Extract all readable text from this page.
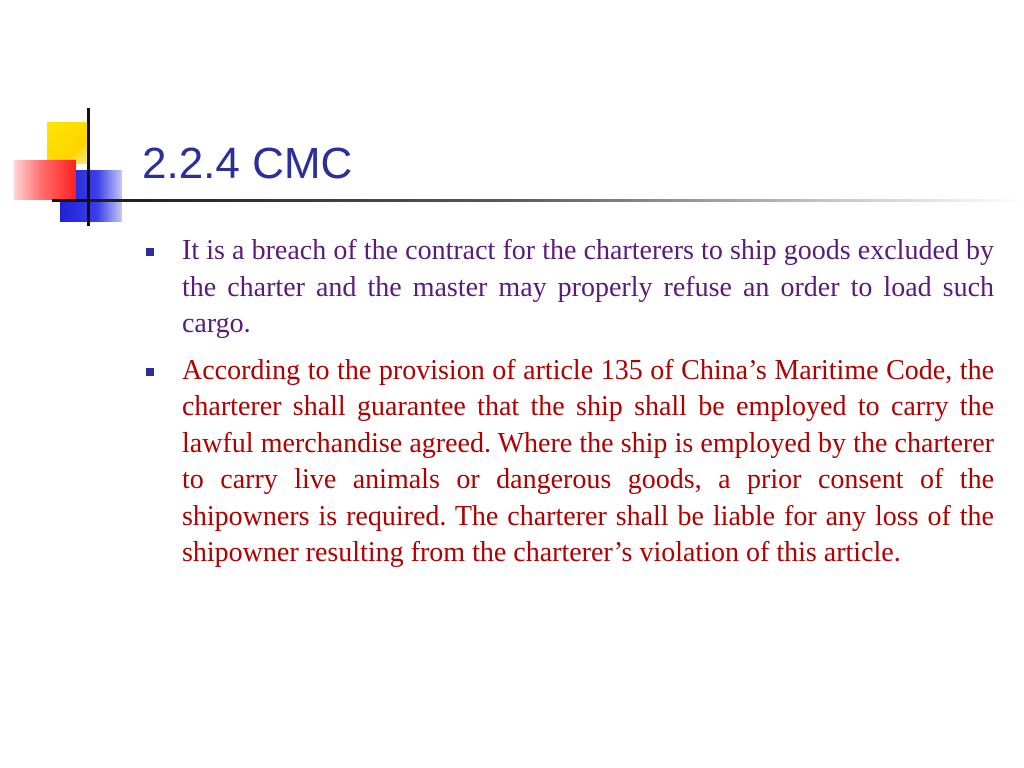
2.2.4 CMC

It is a breach of the contract for the charterers to ship goods excluded by the charter and the master may properly refuse an order to load such cargo.

According to the provision of article 135 of China’s Maritime Code, the charterer shall guarantee that the ship shall be employed to carry the lawful merchandise agreed. Where the ship is employed by the charterer to carry live animals or dangerous goods, a prior consent of the shipowners is required. The charterer shall be liable for any loss of the shipowner resulting from the charterer’s violation of this article.
